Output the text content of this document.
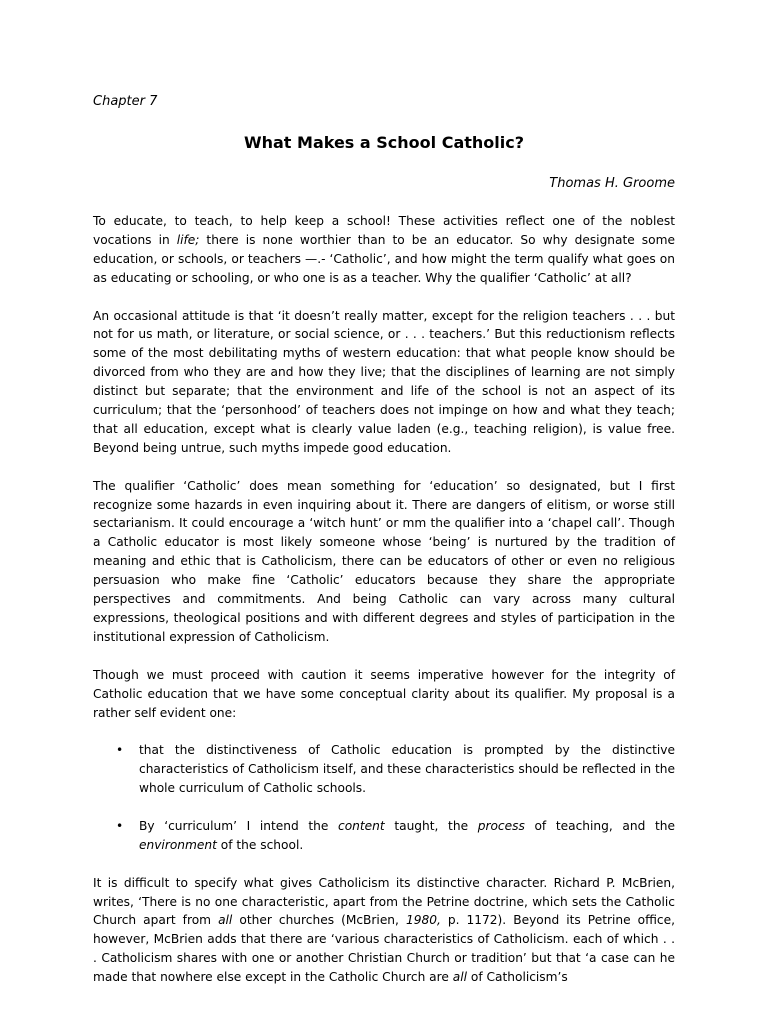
Chapter 7
What Makes a School Catholic?
Thomas H. Groome

To educate, to teach, to help keep a school! These activities reflect one of the noblest vocations in life; there is none worthier than to be an educator. So why designate some education, or schools, or teachers —.- ‘Catholic’, and how might the term qualify what goes on as educating or schooling, or who one is as a teacher. Why the qualifier ‘Catholic’ at all?

An occasional attitude is that ‘it doesn’t really matter, except for the religion teachers . . . but not for us math, or literature, or social science, or . . . teachers.’ But this reductionism reflects some of the most debilitating myths of western education: that what people know should be divorced from who they are and how they live; that the disciplines of learning are not simply distinct but separate; that the environment and life of the school is not an aspect of its curriculum; that the ‘personhood’ of teachers does not impinge on how and what they teach; that all education, except what is clearly value laden (e.g., teaching religion), is value free. Beyond being untrue, such myths impede good education.

The qualifier ‘Catholic’ does mean something for ‘education’ so designated, but I first recognize some hazards in even inquiring about it. There are dangers of elitism, or worse still sectarianism. It could encourage a ‘witch hunt’ or mm the qualifier into a ‘chapel call’. Though a Catholic educator is most likely someone whose ‘being’ is nurtured by the tradition of meaning and ethic that is Catholicism, there can be educators of other or even no religious persuasion who make fine ‘Catholic’ educators because they share the appropriate perspectives and commitments. And being Catholic can vary across many cultural expressions, theological positions and with different degrees and styles of participation in the institutional expression of Catholicism.

Though we must proceed with caution it seems imperative however for the integrity of Catholic education that we have some conceptual clarity about its qualifier. My proposal is a rather self evident one:

• that the distinctiveness of Catholic education is prompted by the distinctive characteristics of Catholicism itself, and these characteristics should be reflected in the whole curriculum of Catholic schools.
• By ‘curriculum’ I intend the content taught, the process of teaching, and the environment of the school.

It is difficult to specify what gives Catholicism its distinctive character. Richard P. McBrien, writes, ‘There is no one characteristic, apart from the Petrine doctrine, which sets the Catholic Church apart from all other churches (McBrien, 1980, p. 1172). Beyond its Petrine office, however, McBrien adds that there are ‘various characteristics of Catholicism. each of which . . . Catholicism shares with one or another Christian Church or tradition’ but that ‘a case can he made that nowhere else except in the Catholic Church are all of Catholicism’s
